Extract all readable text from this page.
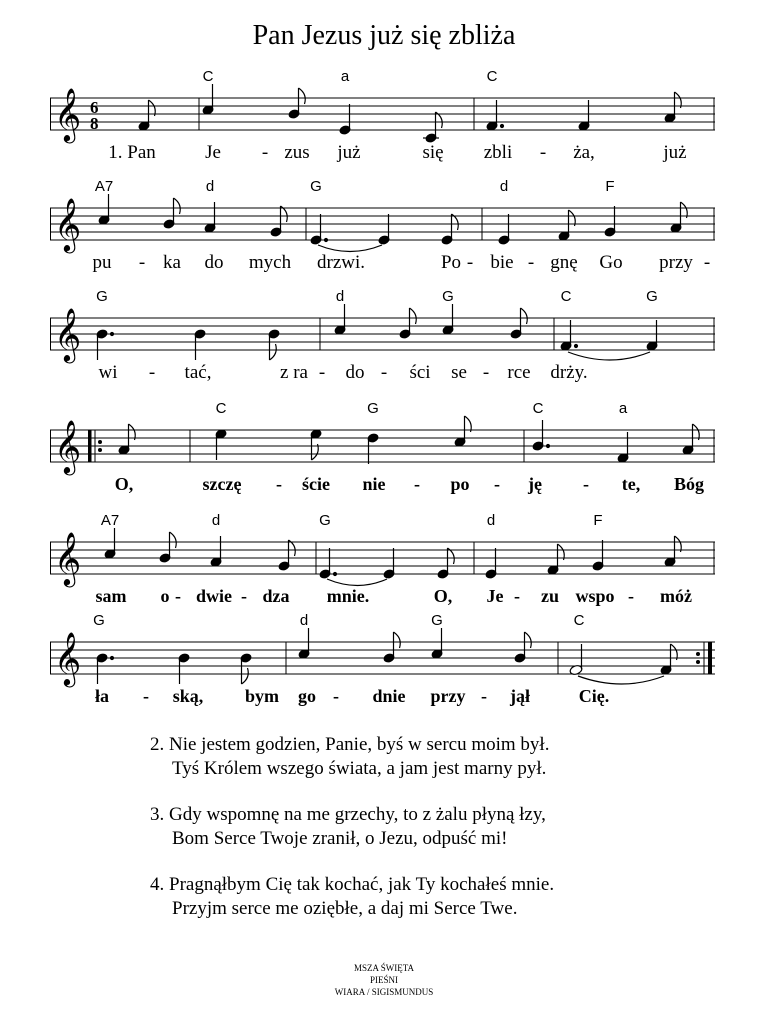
Pan Jezus już się zbliża
𝄞 6
8
C	a	C
1. Pan	Je - zus już	się zbli - ża,	już
𝄞
A7	d	G	d	F
pu - ka do mych drzwi.	Po - bie - gnę Go przy -
𝄞
G	d	G	C	G
wi - tać,	z ra - do - ści se - rce drży.
𝄞
C	G	C	a
O,	szczę - ście nie - po - ję - te, Bóg
𝄞
A7	d	G	d	F
sam o - dwie - dza mnie.	O, Je - zu wspo - móż
𝄞
G	d	G	C
ła - ską, bym go - dnie przy - jął	Cię.
2. Nie jestem godzien, Panie, byś w sercu moim był.
Tyś Królem wszego świata, a jam jest marny pył.
3. Gdy wspomnę na me grzechy, to z żalu płyną łzy,
Bom Serce Twoje zranił, o Jezu, odpuść mi!
4. Pragnąłbym Cię tak kochać, jak Ty kochałeś mnie.
Przyjm serce me oziębłe, a daj mi Serce Twe.
MSZA ŚWIĘTA
PIEŚNI
WIARA / SIGISMUNDUS
